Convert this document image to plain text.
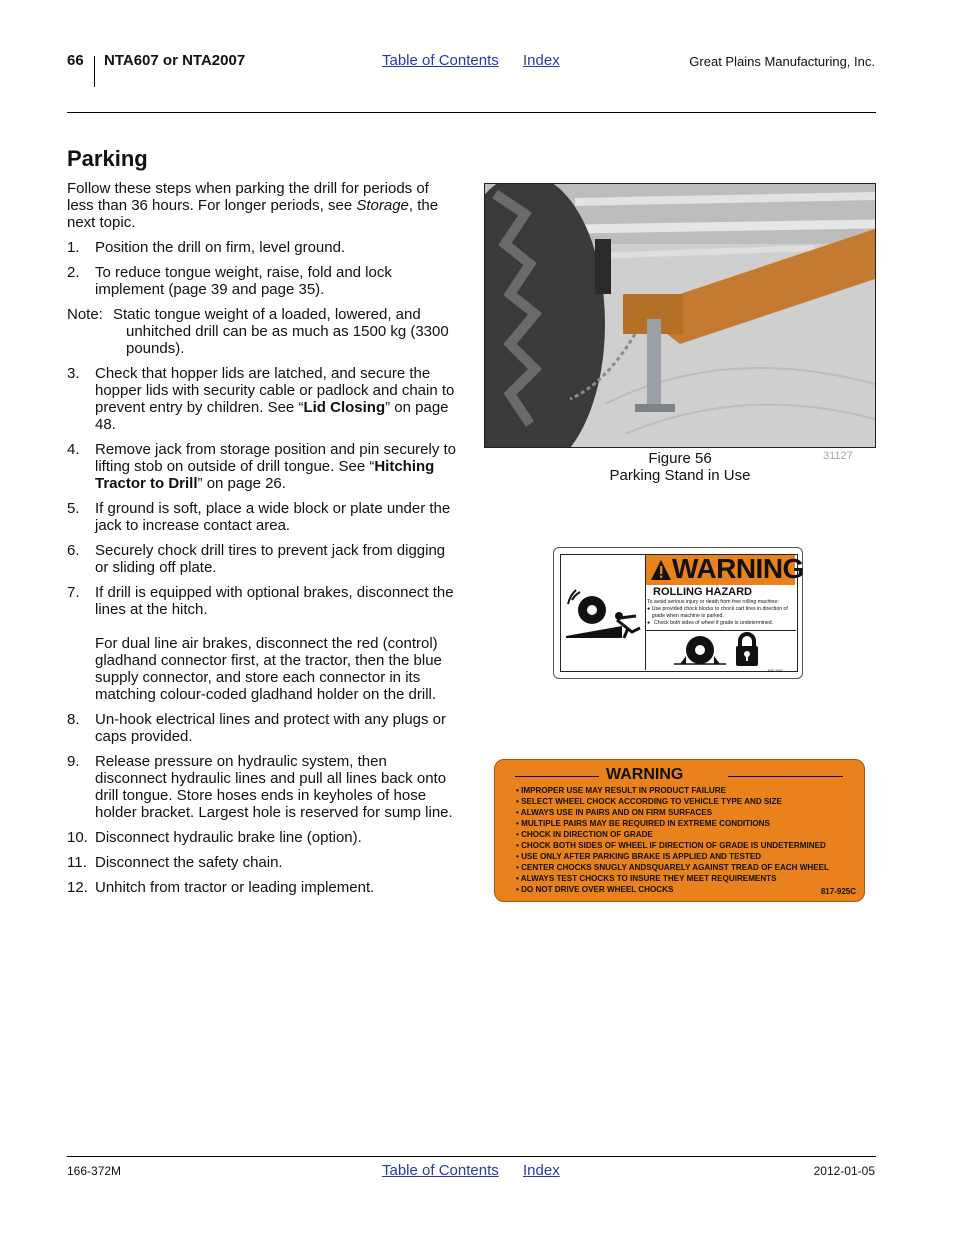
66 NTA607 or NTA2007	Table of Contents Index	Great Plains Manufacturing, Inc.
Parking

Follow these steps when parking the drill for periods of less than 36 hours. For longer periods, see Storage, the next topic.

1.	Position the drill on firm, level ground.
2.	To reduce tongue weight, raise, fold and lock implement (page 39 and page 35).
Note: Static tongue weight of a loaded, lowered, and unhitched drill can be as much as 1500 kg (3300 pounds).
3.	Check that hopper lids are latched, and secure the hopper lids with security cable or padlock and chain to prevent entry by children. See “Lid Closing” on page 48.
4.	Remove jack from storage position and pin securely to lifting stob on outside of drill tongue. See “Hitching Tractor to Drill” on page 26.
5.	If ground is soft, place a wide block or plate under the jack to increase contact area.
6.	Securely chock drill tires to prevent jack from digging or sliding off plate.
7.	If drill is equipped with optional brakes, disconnect the lines at the hitch.

For dual line air brakes, disconnect the red (control) gladhand connector first, at the tractor, then the blue supply connector, and store each connector in its matching colour-coded gladhand holder on the drill.
8.	Un-hook electrical lines and protect with any plugs or caps provided.
9.	Release pressure on hydraulic system, then disconnect hydraulic lines and pull all lines back onto drill tongue. Store hoses ends in keyholes of hose holder bracket. Largest hole is reserved for sump line.
10. Disconnect hydraulic brake line (option).
11. Disconnect the safety chain.
12. Unhitch from tractor or leading implement.
Figure 56
Parking Stand in Use
31127
WARNING
ROLLING HAZARD
To avoid serious injury or death from free rolling machine:
● Use provided chock blocks to chock cart tires in direction of grade when machine is parked.
● Chock both sides of wheel if grade is undetermined.
838-760C
WARNING
• IMPROPER USE MAY RESULT IN PRODUCT FAILURE
• SELECT WHEEL CHOCK ACCORDING TO VEHICLE TYPE AND SIZE
• ALWAYS USE IN PAIRS AND ON FIRM SURFACES
• MULTIPLE PAIRS MAY BE REQUIRED IN EXTREME CONDITIONS
• CHOCK IN DIRECTION OF GRADE
• CHOCK BOTH SIDES OF WHEEL IF DIRECTION OF GRADE IS UNDETERMINED
• USE ONLY AFTER PARKING BRAKE IS APPLIED AND TESTED
• CENTER CHOCKS SNUGLY ANDSQUARELY AGAINST TREAD OF EACH WHEEL
• ALWAYS TEST CHOCKS TO INSURE THEY MEET REQUIREMENTS
• DO NOT DRIVE OVER WHEEL CHOCKS	817-925C
166-372M	Table of Contents Index	2012-01-05
